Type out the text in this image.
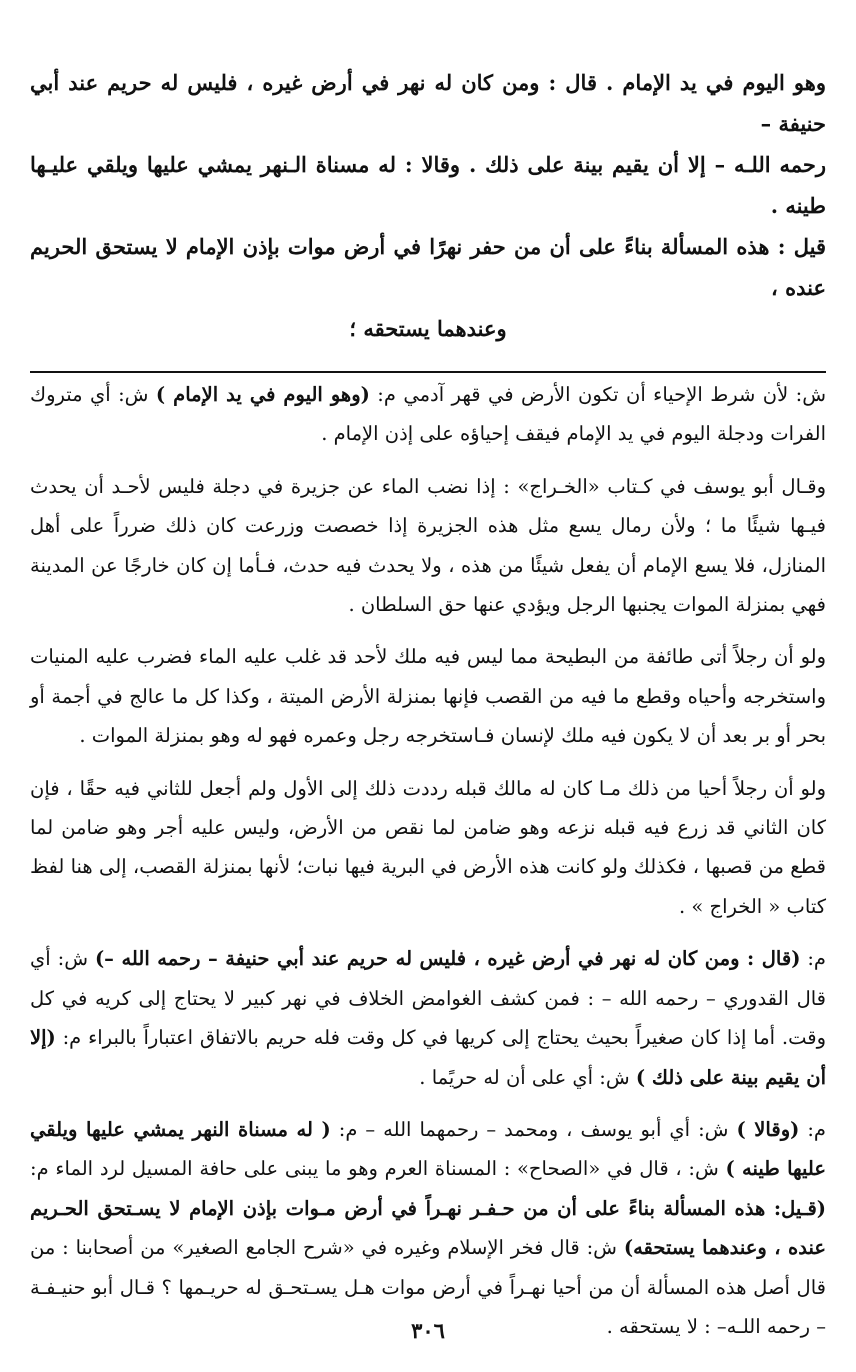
وهو اليوم في يد الإمام . قال : ومن كان له نهر في أرض غيره ، فليس له حريم عند أبي حنيفة –

رحمه اللـه – إلا أن يقيم بينة على ذلك . وقالا : له مسناة الـنهر يمشي عليها ويلقي عليـها طينه .

قيل : هذه المسألة بناءً على أن من حفر نهرًا في أرض موات بإذن الإمام لا يستحق الحريم عنده ،

وعندهما يستحقه ؛

ش: لأن شرط الإحياء أن تكون الأرض في قهر آدمي م: (وهو اليوم في يد الإمام ) ش: أي متروك الفرات ودجلة اليوم في يد الإمام فيقف إحياؤه على إذن الإمام .

وقـال أبو يوسف في كـتاب «الخـراج» : إذا نضب الماء عن جزيرة في دجلة فليس لأحـد أن يحدث فيـها شيئًا ما ؛ ولأن رمال يسع مثل هذه الجزيرة إذا خصصت وزرعت كان ذلك ضرراً على أهل المنازل، فلا يسع الإمام أن يفعل شيئًا من هذه ، ولا يحدث فيه حدث، فـأما إن كان خارجًا عن المدينة فهي بمنزلة الموات يجنبها الرجل ويؤدي عنها حق السلطان .

ولو أن رجلاً أتى طائفة من البطيحة مما ليس فيه ملك لأحد قد غلب عليه الماء فضرب عليه المنيات واستخرجه وأحياه وقطع ما فيه من القصب فإنها بمنزلة الأرض الميتة ، وكذا كل ما عالج في أجمة أو بحر أو بر بعد أن لا يكون فيه ملك لإنسان فـاستخرجه رجل وعمره فهو له وهو بمنزلة الموات .

ولو أن رجلاً أحيا من ذلك مـا كان له مالك قبله رددت ذلك إلى الأول ولم أجعل للثاني فيه حقًا ، فإن كان الثاني قد زرع فيه قبله نزعه وهو ضامن لما نقص من الأرض، وليس عليه أجر وهو ضامن لما قطع من قصبها ، فكذلك ولو كانت هذه الأرض في البرية فيها نبات؛ لأنها بمنزلة القصب، إلى هنا لفظ كتاب « الخراج » .

م: (قال : ومن كان له نهر في أرض غيره ، فليس له حريم عند أبي حنيفة – رحمه الله –) ش: أي قال القدوري – رحمه الله – : فمن كشف الغوامض الخلاف في نهر كبير لا يحتاج إلى كريه في كل وقت. أما إذا كان صغيراً بحيث يحتاج إلى كريها في كل وقت فله حريم بالاتفاق اعتباراً بالبراء م: (إلا أن يقيم بينة على ذلك ) ش: أي على أن له حريًما .

م: (وقالا ) ش: أي أبو يوسف ، ومحمد – رحمهما الله – م: ( له مسناة النهر يمشي عليها ويلقي عليها طينه ) ش: ، قال في «الصحاح» : المسناة العرم وهو ما يبنى على حافة المسيل لرد الماء م: (قـيل: هذه المسألة بناءً على أن من حـفـر نهـراً في أرض مـوات بإذن الإمام لا يسـتحق الحـريم عنده ، وعندهما يستحقه) ش: قال فخر الإسلام وغيره في «شرح الجامع الصغير» من أصحابنا : من قال أصل هذه المسألة أن من أحيا نهـراً في أرض موات هـل يسـتحـق له حريـمها ؟ قـال أبو حنيـفـة – رحمه اللـه– : لا يستحقه .

٣٠٦
